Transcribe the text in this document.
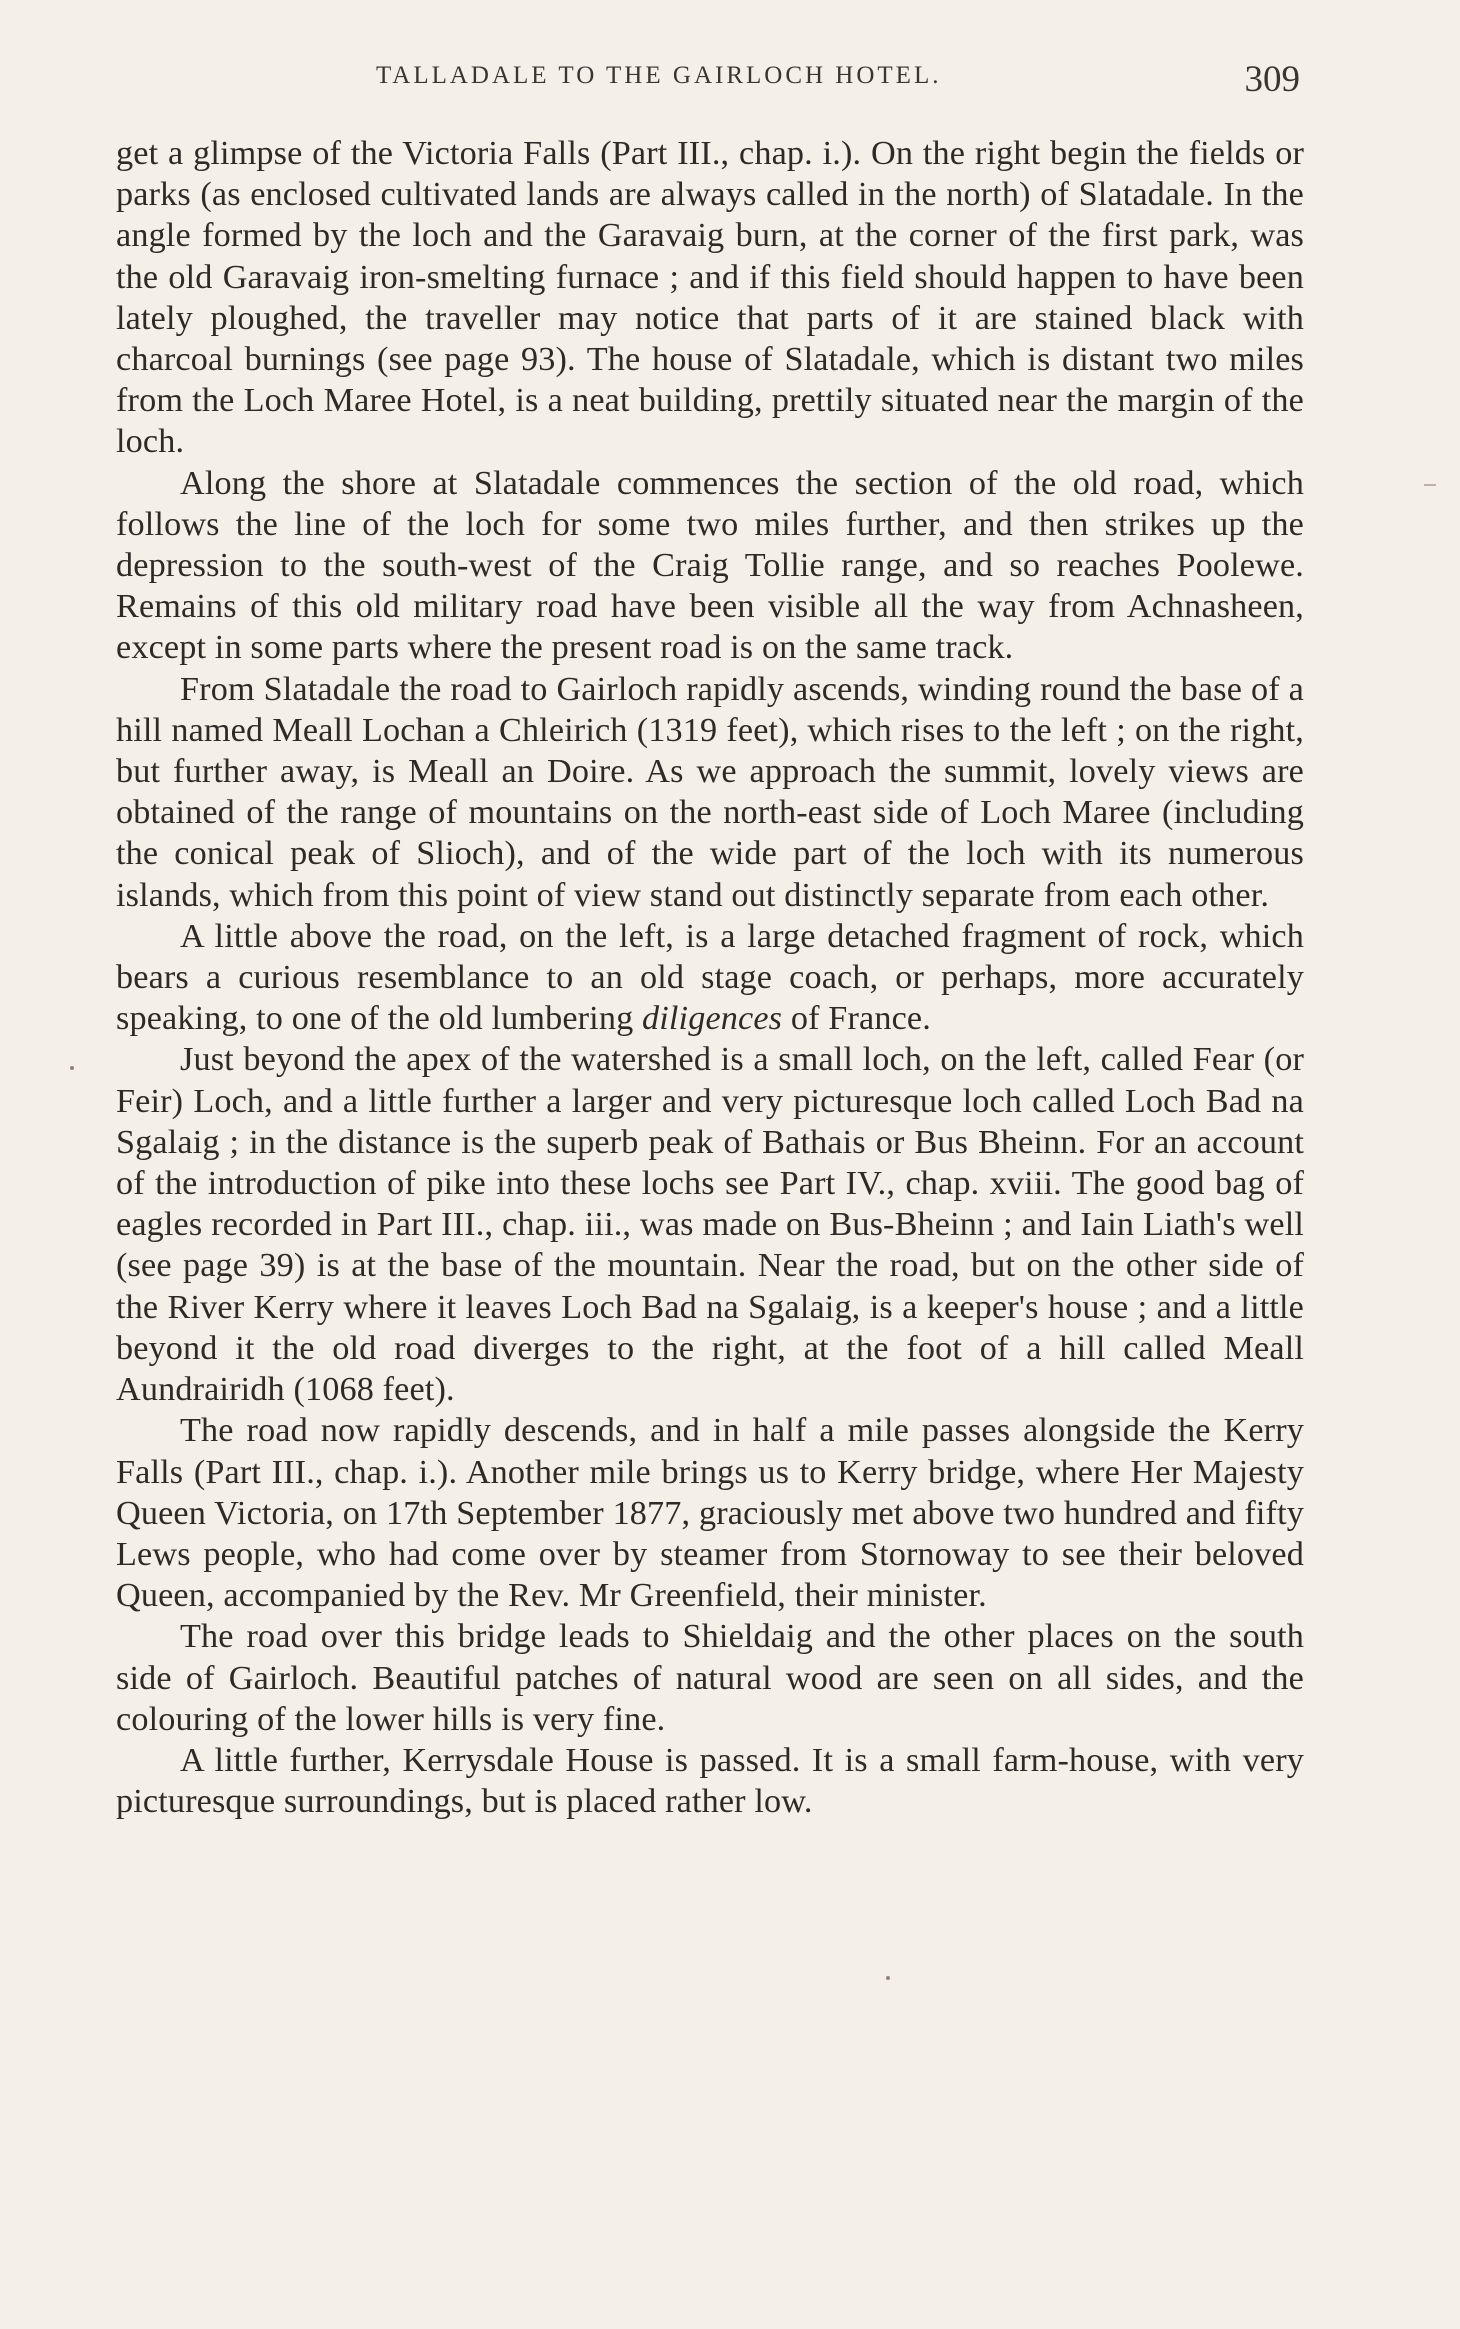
TALLADALE TO THE GAIRLOCH HOTEL.	309

get a glimpse of the Victoria Falls (Part III., chap. i.). On the right begin the fields or parks (as enclosed cultivated lands are always called in the north) of Slatadale. In the angle formed by the loch and the Garavaig burn, at the corner of the first park, was the old Garavaig iron-smelting furnace ; and if this field should happen to have been lately ploughed, the traveller may notice that parts of it are stained black with charcoal burnings (see page 93). The house of Slatadale, which is distant two miles from the Loch Maree Hotel, is a neat building, prettily situated near the margin of the loch.

Along the shore at Slatadale commences the section of the old road, which follows the line of the loch for some two miles further, and then strikes up the depression to the south-west of the Craig Tollie range, and so reaches Poolewe. Remains of this old military road have been visible all the way from Achnasheen, except in some parts where the present road is on the same track.

From Slatadale the road to Gairloch rapidly ascends, winding round the base of a hill named Meall Lochan a Chleirich (1319 feet), which rises to the left ; on the right, but further away, is Meall an Doire. As we approach the summit, lovely views are obtained of the range of mountains on the north-east side of Loch Maree (including the conical peak of Slioch), and of the wide part of the loch with its numerous islands, which from this point of view stand out distinctly separate from each other.

A little above the road, on the left, is a large detached fragment of rock, which bears a curious resemblance to an old stage coach, or perhaps, more accurately speaking, to one of the old lumbering diligences of France.

Just beyond the apex of the watershed is a small loch, on the left, called Fear (or Feir) Loch, and a little further a larger and very picturesque loch called Loch Bad na Sgalaig ; in the distance is the superb peak of Bathais or Bus Bheinn. For an account of the introduction of pike into these lochs see Part IV., chap. xviii. The good bag of eagles recorded in Part III., chap. iii., was made on Bus-Bheinn ; and Iain Liath's well (see page 39) is at the base of the mountain. Near the road, but on the other side of the River Kerry where it leaves Loch Bad na Sgalaig, is a keeper's house ; and a little beyond it the old road diverges to the right, at the foot of a hill called Meall Aundrairidh (1068 feet).

The road now rapidly descends, and in half a mile passes alongside the Kerry Falls (Part III., chap. i.). Another mile brings us to Kerry bridge, where Her Majesty Queen Victoria, on 17th September 1877, graciously met above two hundred and fifty Lews people, who had come over by steamer from Stornoway to see their beloved Queen, accompanied by the Rev. Mr Greenfield, their minister.

The road over this bridge leads to Shieldaig and the other places on the south side of Gairloch. Beautiful patches of natural wood are seen on all sides, and the colouring of the lower hills is very fine.

A little further, Kerrysdale House is passed. It is a small farm-house, with very picturesque surroundings, but is placed rather low.
